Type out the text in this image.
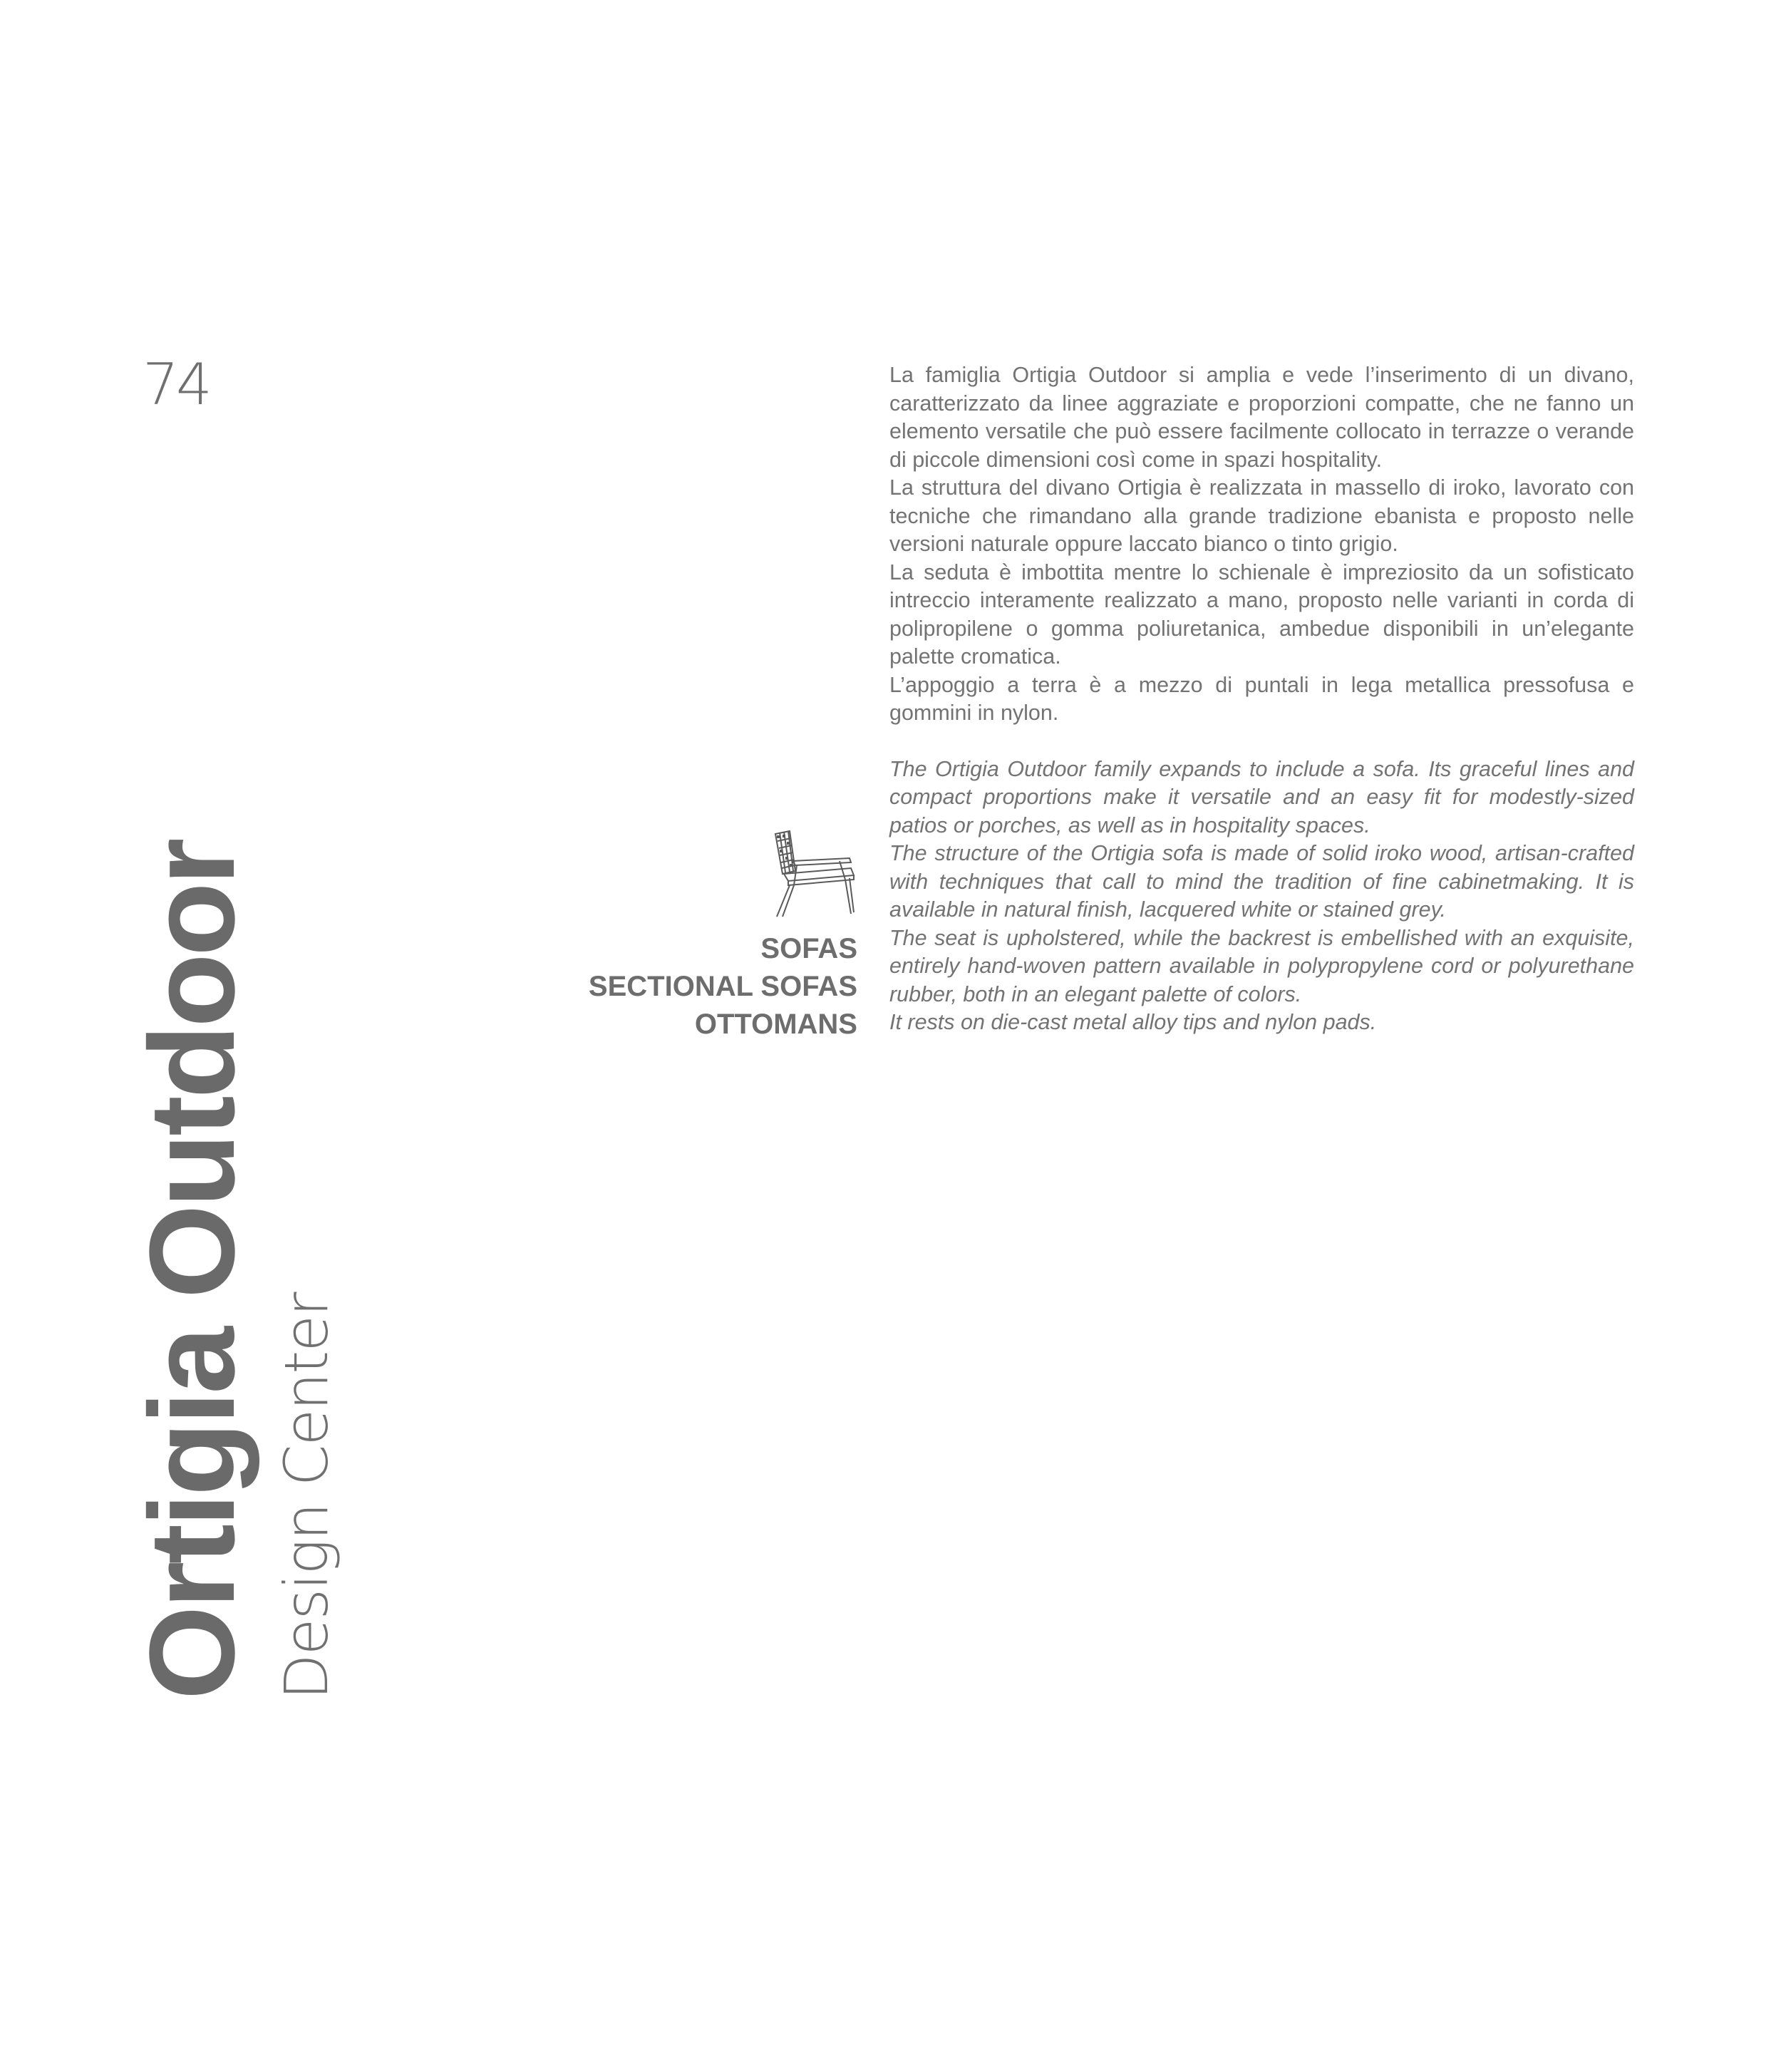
74
Ortigia Outdoor Design Center
SOFAS
SECTIONAL SOFAS
OTTOMANS

La famiglia Ortigia Outdoor si amplia e vede l’inserimento di un divano, caratterizzato da linee aggraziate e proporzioni compatte, che ne fanno un elemento versatile che può essere facilmente collocato in terrazze o verande di piccole dimensioni così come in spazi hospitality.

La struttura del divano Ortigia è realizzata in massello di iroko, lavorato con tecniche che rimandano alla grande tradizione ebanista e proposto nelle versioni naturale oppure laccato bianco o tinto grigio.

La seduta è imbottita mentre lo schienale è impreziosito da un sofisticato intreccio interamente realizzato a mano, proposto nelle varianti in corda di polipropilene o gomma poliuretanica, ambedue disponibili in un’elegante palette cromatica.

L’appoggio a terra è a mezzo di puntali in lega metallica pressofusa e gommini in nylon.

The Ortigia Outdoor family expands to include a sofa. Its graceful lines and compact proportions make it versatile and an easy fit for modestly-sized patios or porches, as well as in hospitality spaces.

The structure of the Ortigia sofa is made of solid iroko wood, artisan-crafted with techniques that call to mind the tradition of fine cabinetmaking. It is available in natural finish, lacquered white or stained grey.

The seat is upholstered, while the backrest is embellished with an exquisite, entirely hand-woven pattern available in polypropylene cord or polyurethane rubber, both in an elegant palette of colors.

It rests on die-cast metal alloy tips and nylon pads.
